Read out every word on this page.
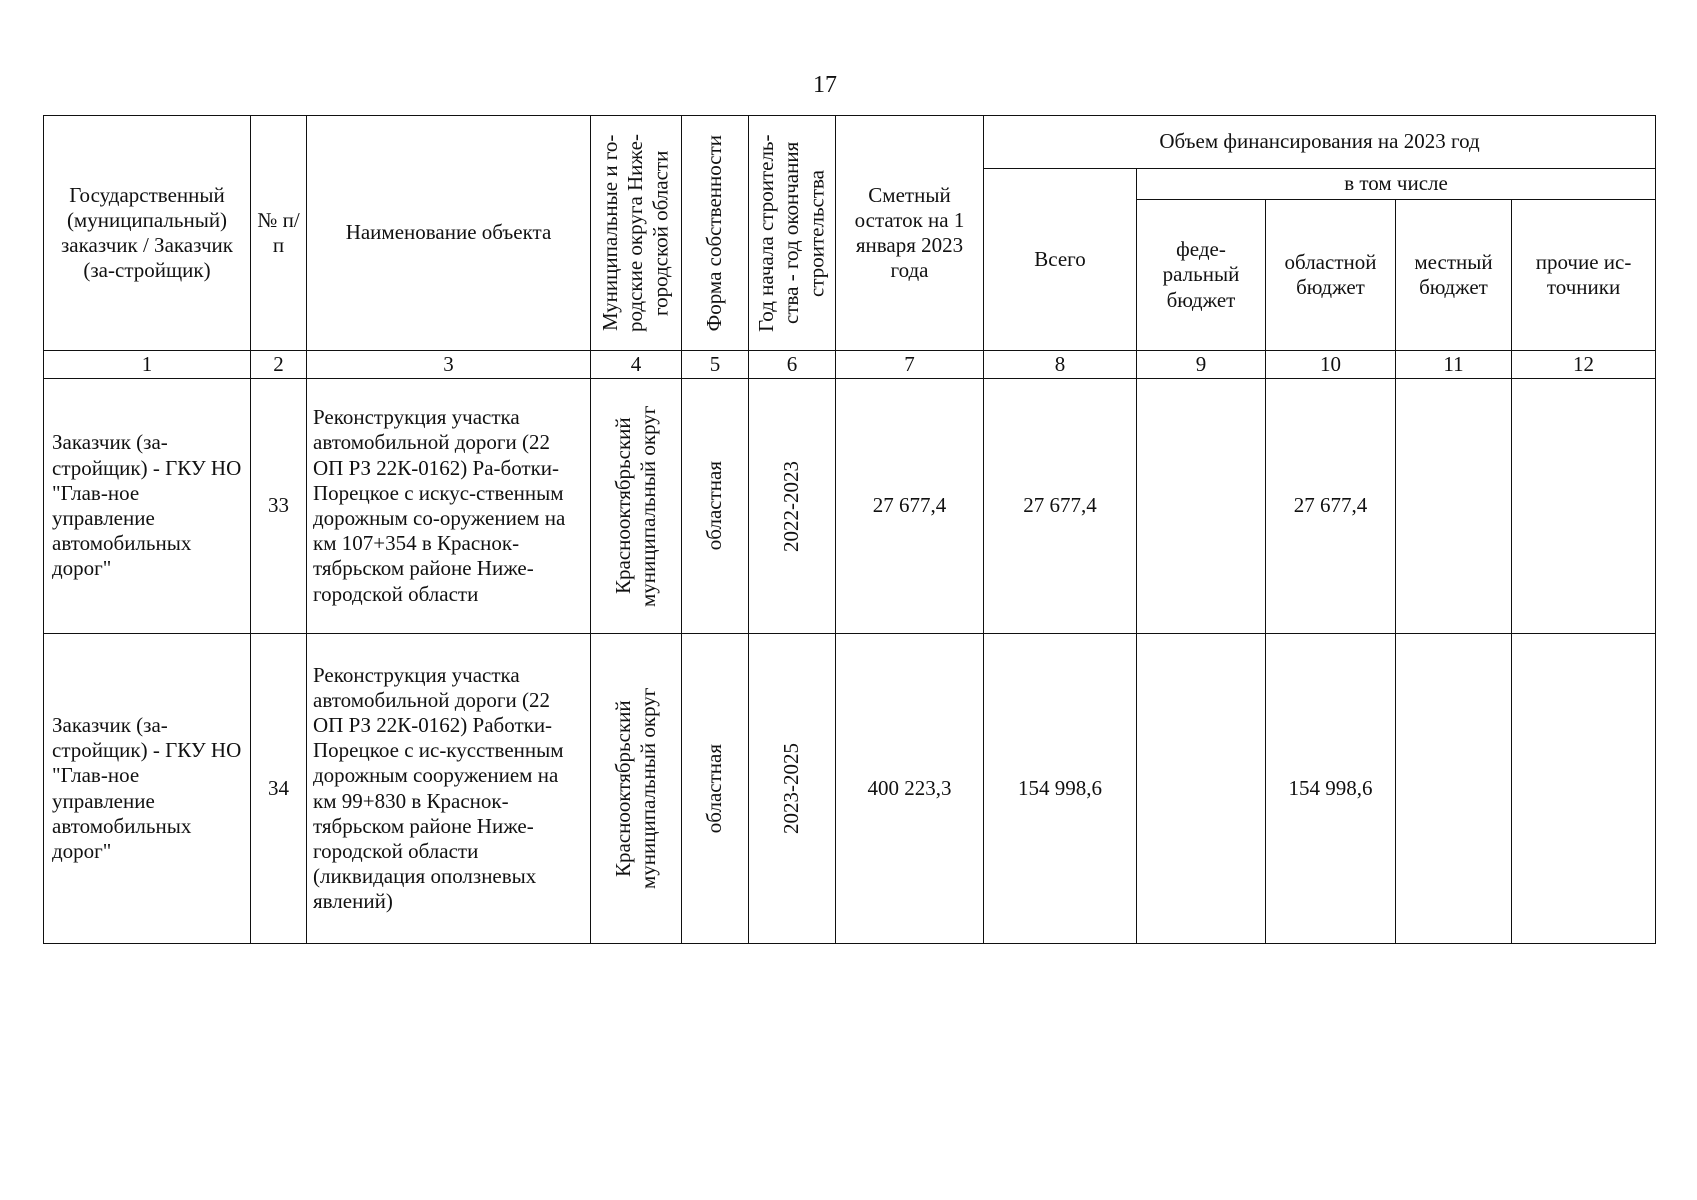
17
Государственный (муниципальный) заказчик / Заказчик (за-стройщик)	№ п/п	Наименование объекта	Муниципальные и го-родские округа Ниже-городской области	Форма собственности	Год начала строитель-ства - год окончания строительства	Сметный остаток на 1 января 2023 года	Объем финансирования на 2023 год				
							Всего	в том числе			
								феде-ральный бюджет	областной бюджет	местный бюджет	прочие ис-точники
1	2	3	4	5	6	7	8	9	10	11	12
Заказчик (за-стройщик) - ГКУ НО "Глав-ное управление автомобильных дорог"	33	Реконструкция участка автомобильной дороги (22 ОП РЗ 22К-0162) Ра-ботки-Порецкое с искус-ственным дорожным со-оружением на км 107+354 в Краснок-тябрьском районе Ниже-городской области	Краснооктябрьский муниципальный округ	областная	2022-2023	27 677,4	27 677,4		27 677,4		
Заказчик (за-стройщик) - ГКУ НО "Глав-ное управление автомобильных дорог"	34	Реконструкция участка автомобильной дороги (22 ОП РЗ 22К-0162) Работки-Порецкое с ис-кусственным дорожным сооружением на км 99+830 в Краснок-тябрьском районе Ниже-городской области (ликвидация оползневых явлений)	Краснооктябрьский муниципальный округ	областная	2023-2025	400 223,3	154 998,6		154 998,6		
